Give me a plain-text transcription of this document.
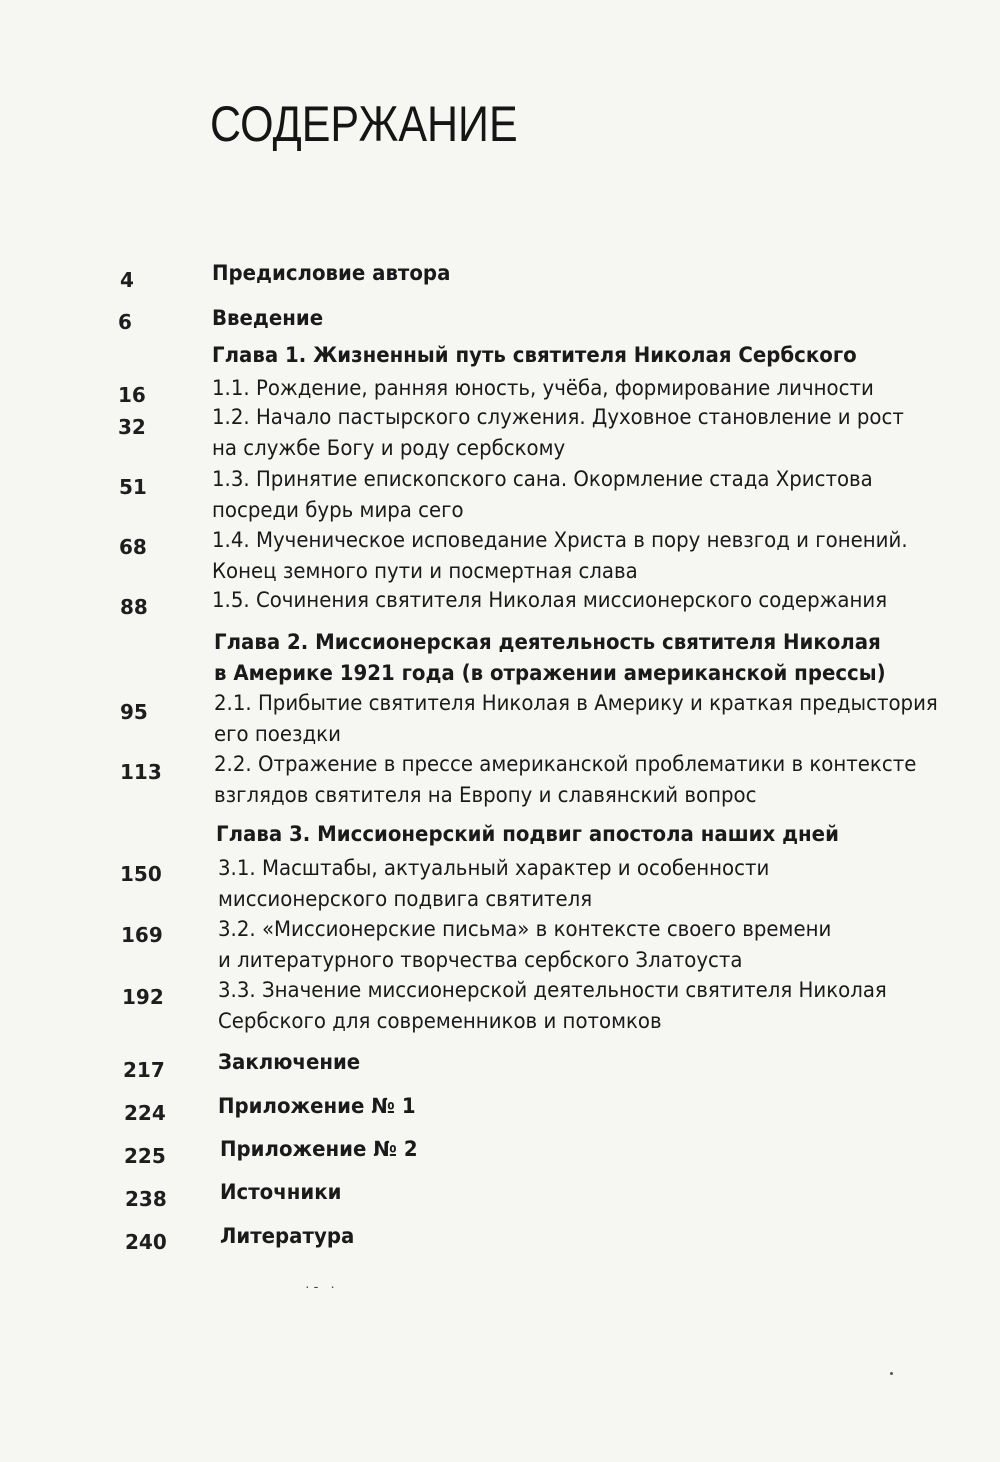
СОДЕРЖАНИЕ
4	Предисловие автора
6	Введение
Глава 1. Жизненный путь святителя Николая Сербского
16	1.1. Рождение, ранняя юность, учёба, формирование личности
32	1.2. Начало пастырского служения. Духовное становление и рост
на службе Богу и роду сербскому
51	1.3. Принятие епископского сана. Окормление стада Христова
посреди бурь мира сего
68	1.4. Мученическое исповедание Христа в пору невзгод и гонений.
Конец земного пути и посмертная слава
88	1.5. Сочинения святителя Николая миссионерского содержания
Глава 2. Миссионерская деятельность святителя Николая
в Америке 1921 года (в отражении американской прессы)
95	2.1. Прибытие святителя Николая в Америку и краткая предыстория
его поездки
113	2.2. Отражение в прессе американской проблематики в контексте
взглядов святителя на Европу и славянский вопрос
Глава 3. Миссионерский подвиг апостола наших дней
150	3.1. Масштабы, актуальный характер и особенности
миссионерского подвига святителя
169	3.2. «Миссионерские письма» в контексте своего времени
и литературного творчества сербского Златоуста
192	3.3. Значение миссионерской деятельности святителя Николая
Сербского для современников и потомков
217	Заключение
224	Приложение № 1
225	Приложение № 2
238	Источники
240	Литература
·- ·
